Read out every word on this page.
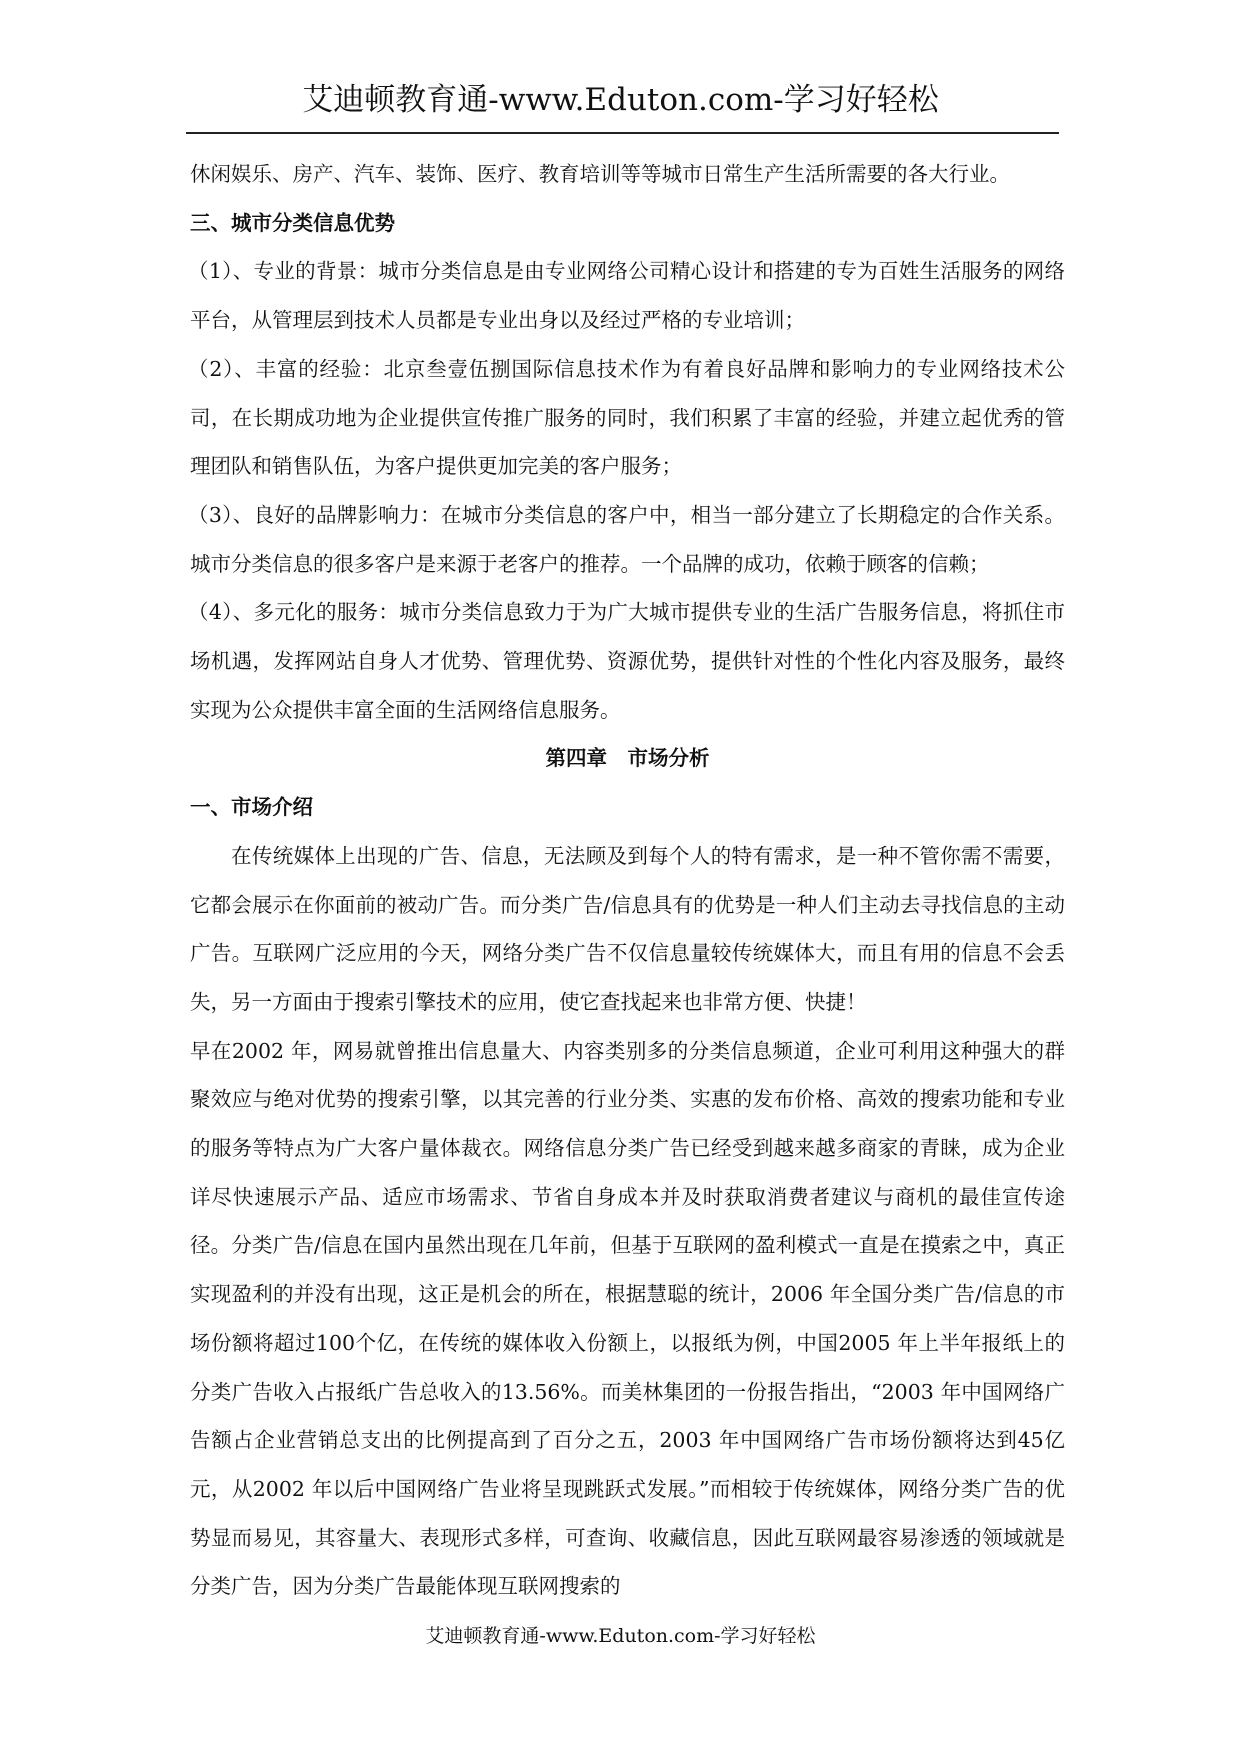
艾迪顿教育通-www.Eduton.com-学习好轻松

休闲娱乐、房产、汽车、装饰、医疗、教育培训等等城市日常生产生活所需要的各大行业。

三、城市分类信息优势

（1）、专业的背景：城市分类信息是由专业网络公司精心设计和搭建的专为百姓生活服务的网络平台，从管理层到技术人员都是专业出身以及经过严格的专业培训；

（2）、丰富的经验：北京叁壹伍捌国际信息技术作为有着良好品牌和影响力的专业网络技术公司，在长期成功地为企业提供宣传推广服务的同时，我们积累了丰富的经验，并建立起优秀的管理团队和销售队伍，为客户提供更加完美的客户服务；

（3）、良好的品牌影响力：在城市分类信息的客户中，相当一部分建立了长期稳定的合作关系。城市分类信息的很多客户是来源于老客户的推荐。一个品牌的成功，依赖于顾客的信赖；

（4）、多元化的服务：城市分类信息致力于为广大城市提供专业的生活广告服务信息，将抓住市场机遇，发挥网站自身人才优势、管理优势、资源优势，提供针对性的个性化内容及服务，最终实现为公众提供丰富全面的生活网络信息服务。

第四章　市场分析

一、市场介绍

在传统媒体上出现的广告、信息，无法顾及到每个人的特有需求，是一种不管你需不需要，它都会展示在你面前的被动广告。而分类广告/信息具有的优势是一种人们主动去寻找信息的主动广告。互联网广泛应用的今天，网络分类广告不仅信息量较传统媒体大，而且有用的信息不会丢失，另一方面由于搜索引擎技术的应用，使它查找起来也非常方便、快捷！

早在2002 年，网易就曾推出信息量大、内容类别多的分类信息频道，企业可利用这种强大的群聚效应与绝对优势的搜索引擎，以其完善的行业分类、实惠的发布价格、高效的搜索功能和专业的服务等特点为广大客户量体裁衣。网络信息分类广告已经受到越来越多商家的青睐，成为企业详尽快速展示产品、适应市场需求、节省自身成本并及时获取消费者建议与商机的最佳宣传途径。分类广告/信息在国内虽然出现在几年前，但基于互联网的盈利模式一直是在摸索之中，真正实现盈利的并没有出现，这正是机会的所在，根据慧聪的统计，2006 年全国分类广告/信息的市场份额将超过100个亿，在传统的媒体收入份额上，以报纸为例，中国2005 年上半年报纸上的分类广告收入占报纸广告总收入的13.56%。而美林集团的一份报告指出，“2003 年中国网络广告额占企业营销总支出的比例提高到了百分之五，2003 年中国网络广告市场份额将达到45亿元，从2002 年以后中国网络广告业将呈现跳跃式发展。”而相较于传统媒体，网络分类广告的优势显而易见，其容量大、表现形式多样，可查询、收藏信息，因此互联网最容易渗透的领域就是分类广告，因为分类广告最能体现互联网搜索的

艾迪顿教育通-www.Eduton.com-学习好轻松
